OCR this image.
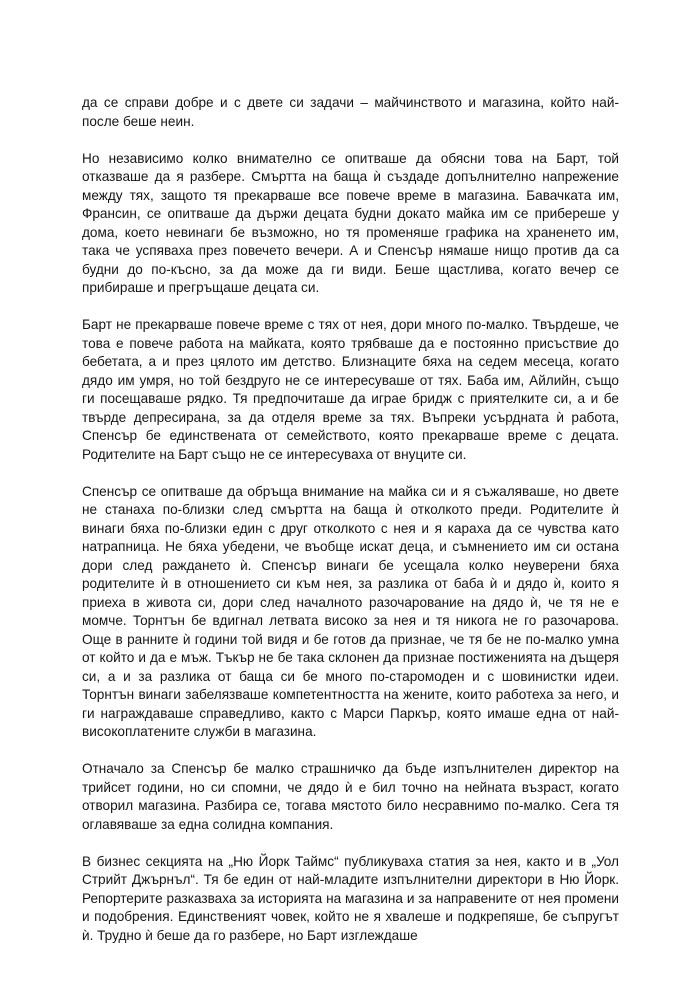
да се справи добре и с двете си задачи – майчинството и магазина, който най-после беше неин.

Но независимо колко внимателно се опитваше да обясни това на Барт, той отказваше да я разбере. Смъртта на баща ѝ създаде допълнително напрежение между тях, защото тя прекарваше все повече време в магазина. Бавачката им, Франсин, се опитваше да държи децата будни докато майка им се прибереше у дома, което невинаги бе възможно, но тя променяше графика на храненето им, така че успяваха през повечето вечери. А и Спенсър нямаше нищо против да са будни до по-късно, за да може да ги види. Беше щастлива, когато вечер се прибираше и прегръщаше децата си.

Барт не прекарваше повече време с тях от нея, дори много по-малко. Твърдеше, че това е повече работа на майката, която трябваше да е постоянно присъствие до бебетата, а и през цялото им детство. Близнаците бяха на седем месеца, когато дядо им умря, но той бездруго не се интересуваше от тях. Баба им, Айлийн, също ги посещаваше рядко. Тя предпочиташе да играе бридж с приятелките си, а и бе твърде депресирана, за да отделя време за тях. Въпреки усърдната ѝ работа, Спенсър бе единствената от семейството, която прекарваше време с децата. Родителите на Барт също не се интересуваха от внуците си.

Спенсър се опитваше да обръща внимание на майка си и я съжаляваше, но двете не станаха по-близки след смъртта на баща ѝ отколкото преди. Родителите ѝ винаги бяха по-близки един с друг отколкото с нея и я караха да се чувства като натрапница. Не бяха убедени, че въобще искат деца, и съмнението им си остана дори след раждането ѝ. Спенсър винаги бе усещала колко неуверени бяха родителите ѝ в отношението си към нея, за разлика от баба ѝ и дядо ѝ, които я приеха в живота си, дори след началното разочарование на дядо ѝ, че тя не е момче. Торнтън бе вдигнал летвата високо за нея и тя никога не го разочарова. Още в ранните ѝ години той видя и бе готов да признае, че тя бе не по-малко умна от който и да е мъж. Тъкър не бе така склонен да признае постиженията на дъщеря си, а и за разлика от баща си бе много по-старомоден и с шовинистки идеи. Торнтън винаги забелязваше компетентността на жените, които работеха за него, и ги награждаваше справедливо, както с Марси Паркър, която имаше една от най-високоплатените служби в магазина.

Отначало за Спенсър бе малко страшничко да бъде изпълнителен директор на трийсет години, но си спомни, че дядо ѝ е бил точно на нейната възраст, когато отворил магазина. Разбира се, тогава мястото било несравнимо по-малко. Сега тя оглавяваше за една солидна компания.

В бизнес секцията на „Ню Йорк Таймс“ публикуваха статия за нея, както и в „Уол Стрийт Джърнъл“. Тя бе един от най-младите изпълнителни директори в Ню Йорк. Репортерите разказваха за историята на магазина и за направените от нея промени и подобрения. Единственият човек, който не я хвалеше и подкрепяше, бе съпругът ѝ. Трудно ѝ беше да го разбере, но Барт изглеждаше
